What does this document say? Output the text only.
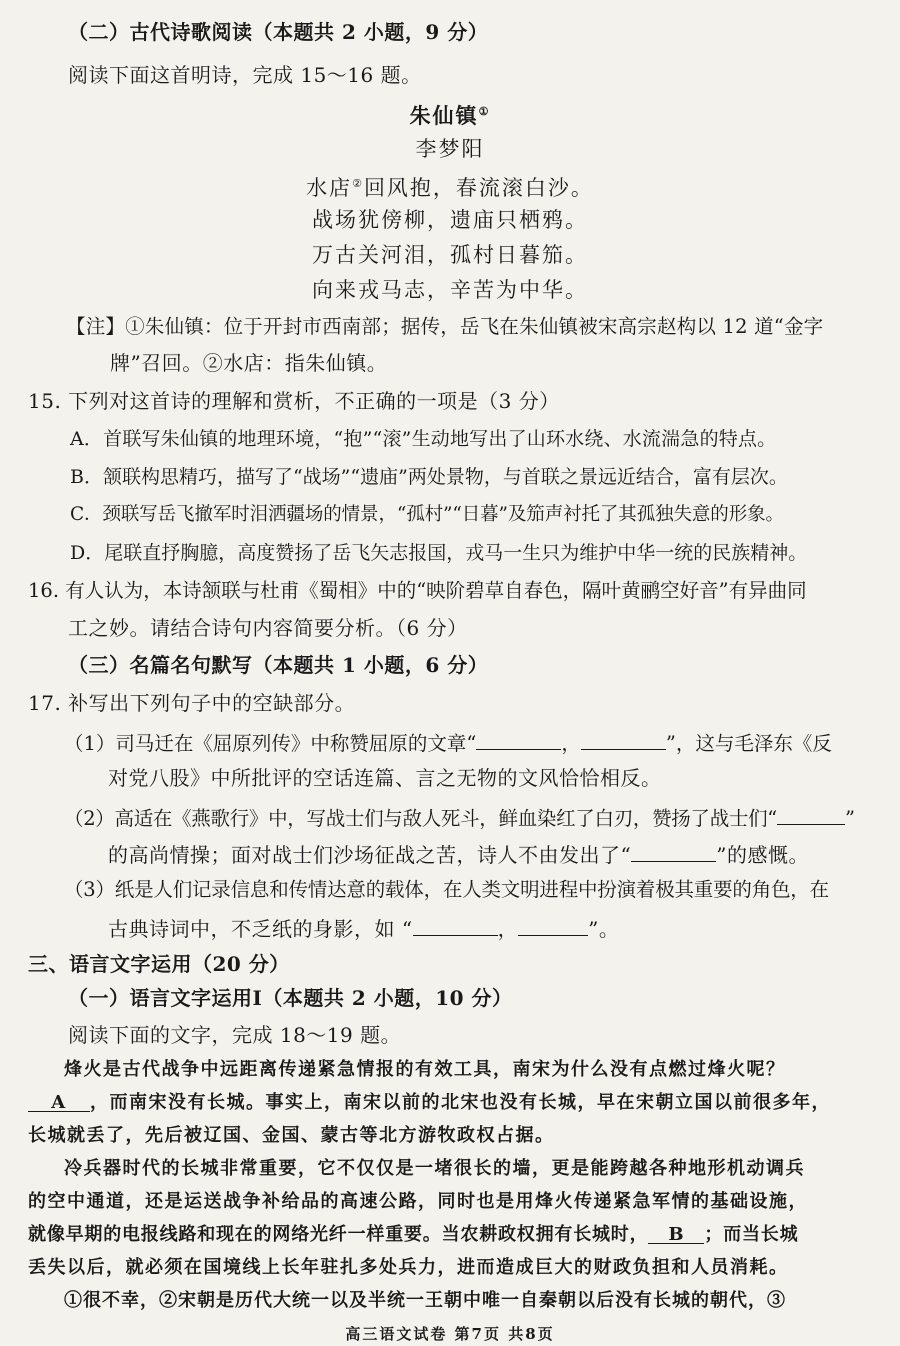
（二）古代诗歌阅读（本题共 2 小题，9 分）
阅读下面这首明诗，完成 15～16 题。
朱仙镇①
李梦阳
水店②回风抱，春流滚白沙。
战场犹傍柳，遗庙只栖鸦。
万古关河泪，孤村日暮笳。
向来戎马志，辛苦为中华。
【注】①朱仙镇：位于开封市西南部；据传，岳飞在朱仙镇被宋高宗赵构以 12 道“金字
牌”召回。②水店：指朱仙镇。
15. 下列对这首诗的理解和赏析，不正确的一项是（3 分）
A．首联写朱仙镇的地理环境，“抱”“滚”生动地写出了山环水绕、水流湍急的特点。
B．颔联构思精巧，描写了“战场”“遗庙”两处景物，与首联之景远近结合，富有层次。
C．颈联写岳飞撤军时泪洒疆场的情景，“孤村”“日暮”及笳声衬托了其孤独失意的形象。
D．尾联直抒胸臆，高度赞扬了岳飞矢志报国，戎马一生只为维护中华一统的民族精神。
16. 有人认为，本诗颔联与杜甫《蜀相》中的“映阶碧草自春色，隔叶黄鹂空好音”有异曲同
工之妙。请结合诗句内容简要分析。（6 分）
（三）名篇名句默写（本题共 1 小题，6 分）
17. 补写出下列句子中的空缺部分。
（1）司马迁在《屈原列传》中称赞屈原的文章“	，	”，这与毛泽东《反
对党八股》中所批评的空话连篇、言之无物的文风恰恰相反。
（2）高适在《燕歌行》中，写战士们与敌人死斗，鲜血染红了白刃，赞扬了战士们“	”
的高尚情操；面对战士们沙场征战之苦，诗人不由发出了“	”的感慨。
（3）纸是人们记录信息和传情达意的载体，在人类文明进程中扮演着极其重要的角色，在
古典诗词中，不乏纸的身影，如 “	，	”。
三、语言文字运用（20 分）
（一）语言文字运用Ⅰ（本题共 2 小题，10 分）
阅读下面的文字，完成 18～19 题。
烽火是古代战争中远距离传递紧急情报的有效工具，南宋为什么没有点燃过烽火呢？
A ，而南宋没有长城。事实上，南宋以前的北宋也没有长城，早在宋朝立国以前很多年，
长城就丢了，先后被辽国、金国、蒙古等北方游牧政权占据。
冷兵器时代的长城非常重要，它不仅仅是一堵很长的墙，更是能跨越各种地形机动调兵
的空中通道，还是运送战争补给品的高速公路，同时也是用烽火传递紧急军情的基础设施，
就像早期的电报线路和现在的网络光纤一样重要。当农耕政权拥有长城时， B ；而当长城
丢失以后，就必须在国境线上长年驻扎多处兵力，进而造成巨大的财政负担和人员消耗。
①很不幸，②宋朝是历代大统一以及半统一王朝中唯一自秦朝以后没有长城的朝代，③
高三语文试卷 第7页 共8页
